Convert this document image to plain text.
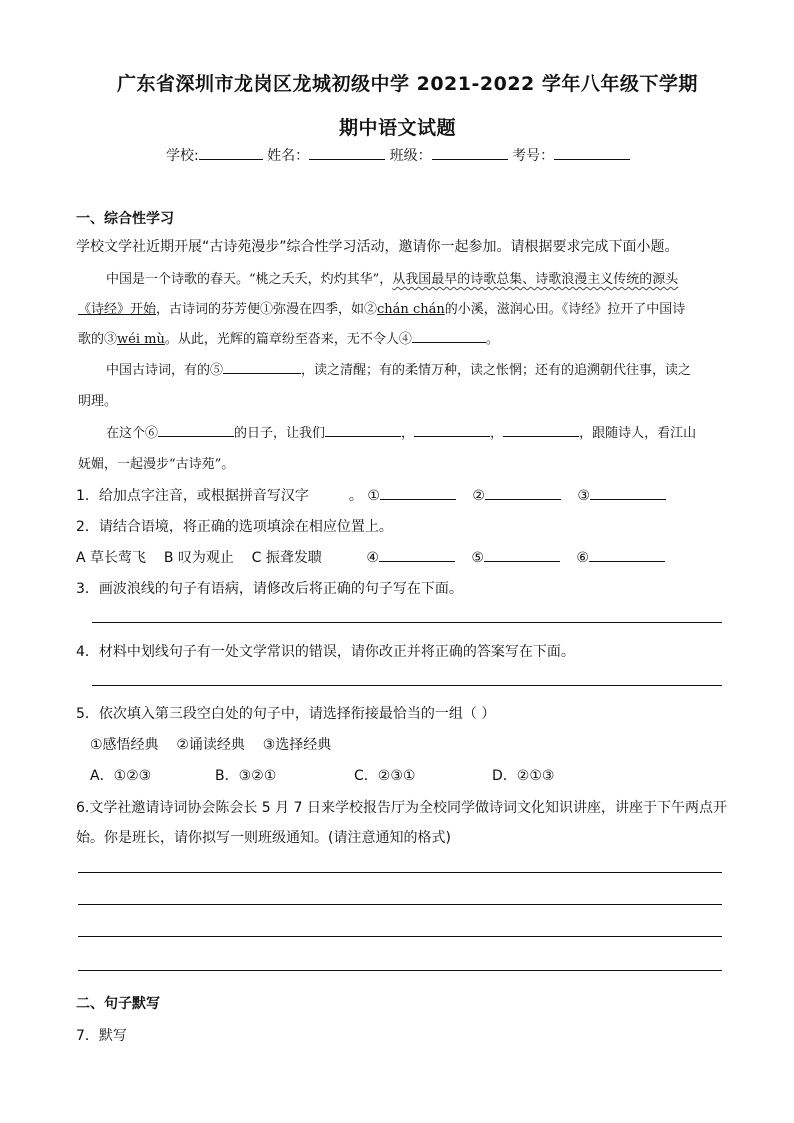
广东省深圳市龙岗区龙城初级中学 2021-2022 学年八年级下学期
期中语文试题
学校:	姓名：	班级：	考号：
一、综合性学习
学校文学社近期开展“古诗苑漫步”综合性学习活动，邀请你一起参加。请根据要求完成下面小题。
中国是一个诗歌的春天。“桃之夭夭，灼灼其华”，从我国最早的诗歌总集、诗歌浪漫主义传统的源头
《诗经》开始，古诗词的芬芳便①弥漫在四季，如②chán chán的小溪，滋润心田。《诗经》拉开了中国诗
歌的③wéi mù。从此，光辉的篇章纷至沓来，无不令人④	。
中国古诗词，有的⑤	，读之清醒；有的柔情万种，读之怅惘；还有的追溯朝代往事，读之
明理。
在这个⑥	的日子，让我们	，	，	，跟随诗人，看江山
妩媚，一起漫步“古诗苑”。
1．给加点字注音，或根据拼音写汉字	。 ①	②	③
2．请结合语境，将正确的选项填涂在相应位置上。
A 草长莺飞    B 叹为观止    C 振聋发聩	④	⑤	⑥
3．画波浪线的句子有语病，请修改后将正确的句子写在下面。
4．材料中划线句子有一处文学常识的错误，请你改正并将正确的答案写在下面。
5．依次填入第三段空白处的句子中，请选择衔接最恰当的一组（ ）
①感悟经典    ②诵读经典    ③选择经典
A．①②③	B．③②①	C．②③①	D．②①③
6.文学社邀请诗词协会陈会长 5 月 7 日来学校报告厅为全校同学做诗词文化知识讲座，讲座于下午两点开
始。你是班长，请你拟写一则班级通知。(请注意通知的格式)
二、句子默写
7．默写
